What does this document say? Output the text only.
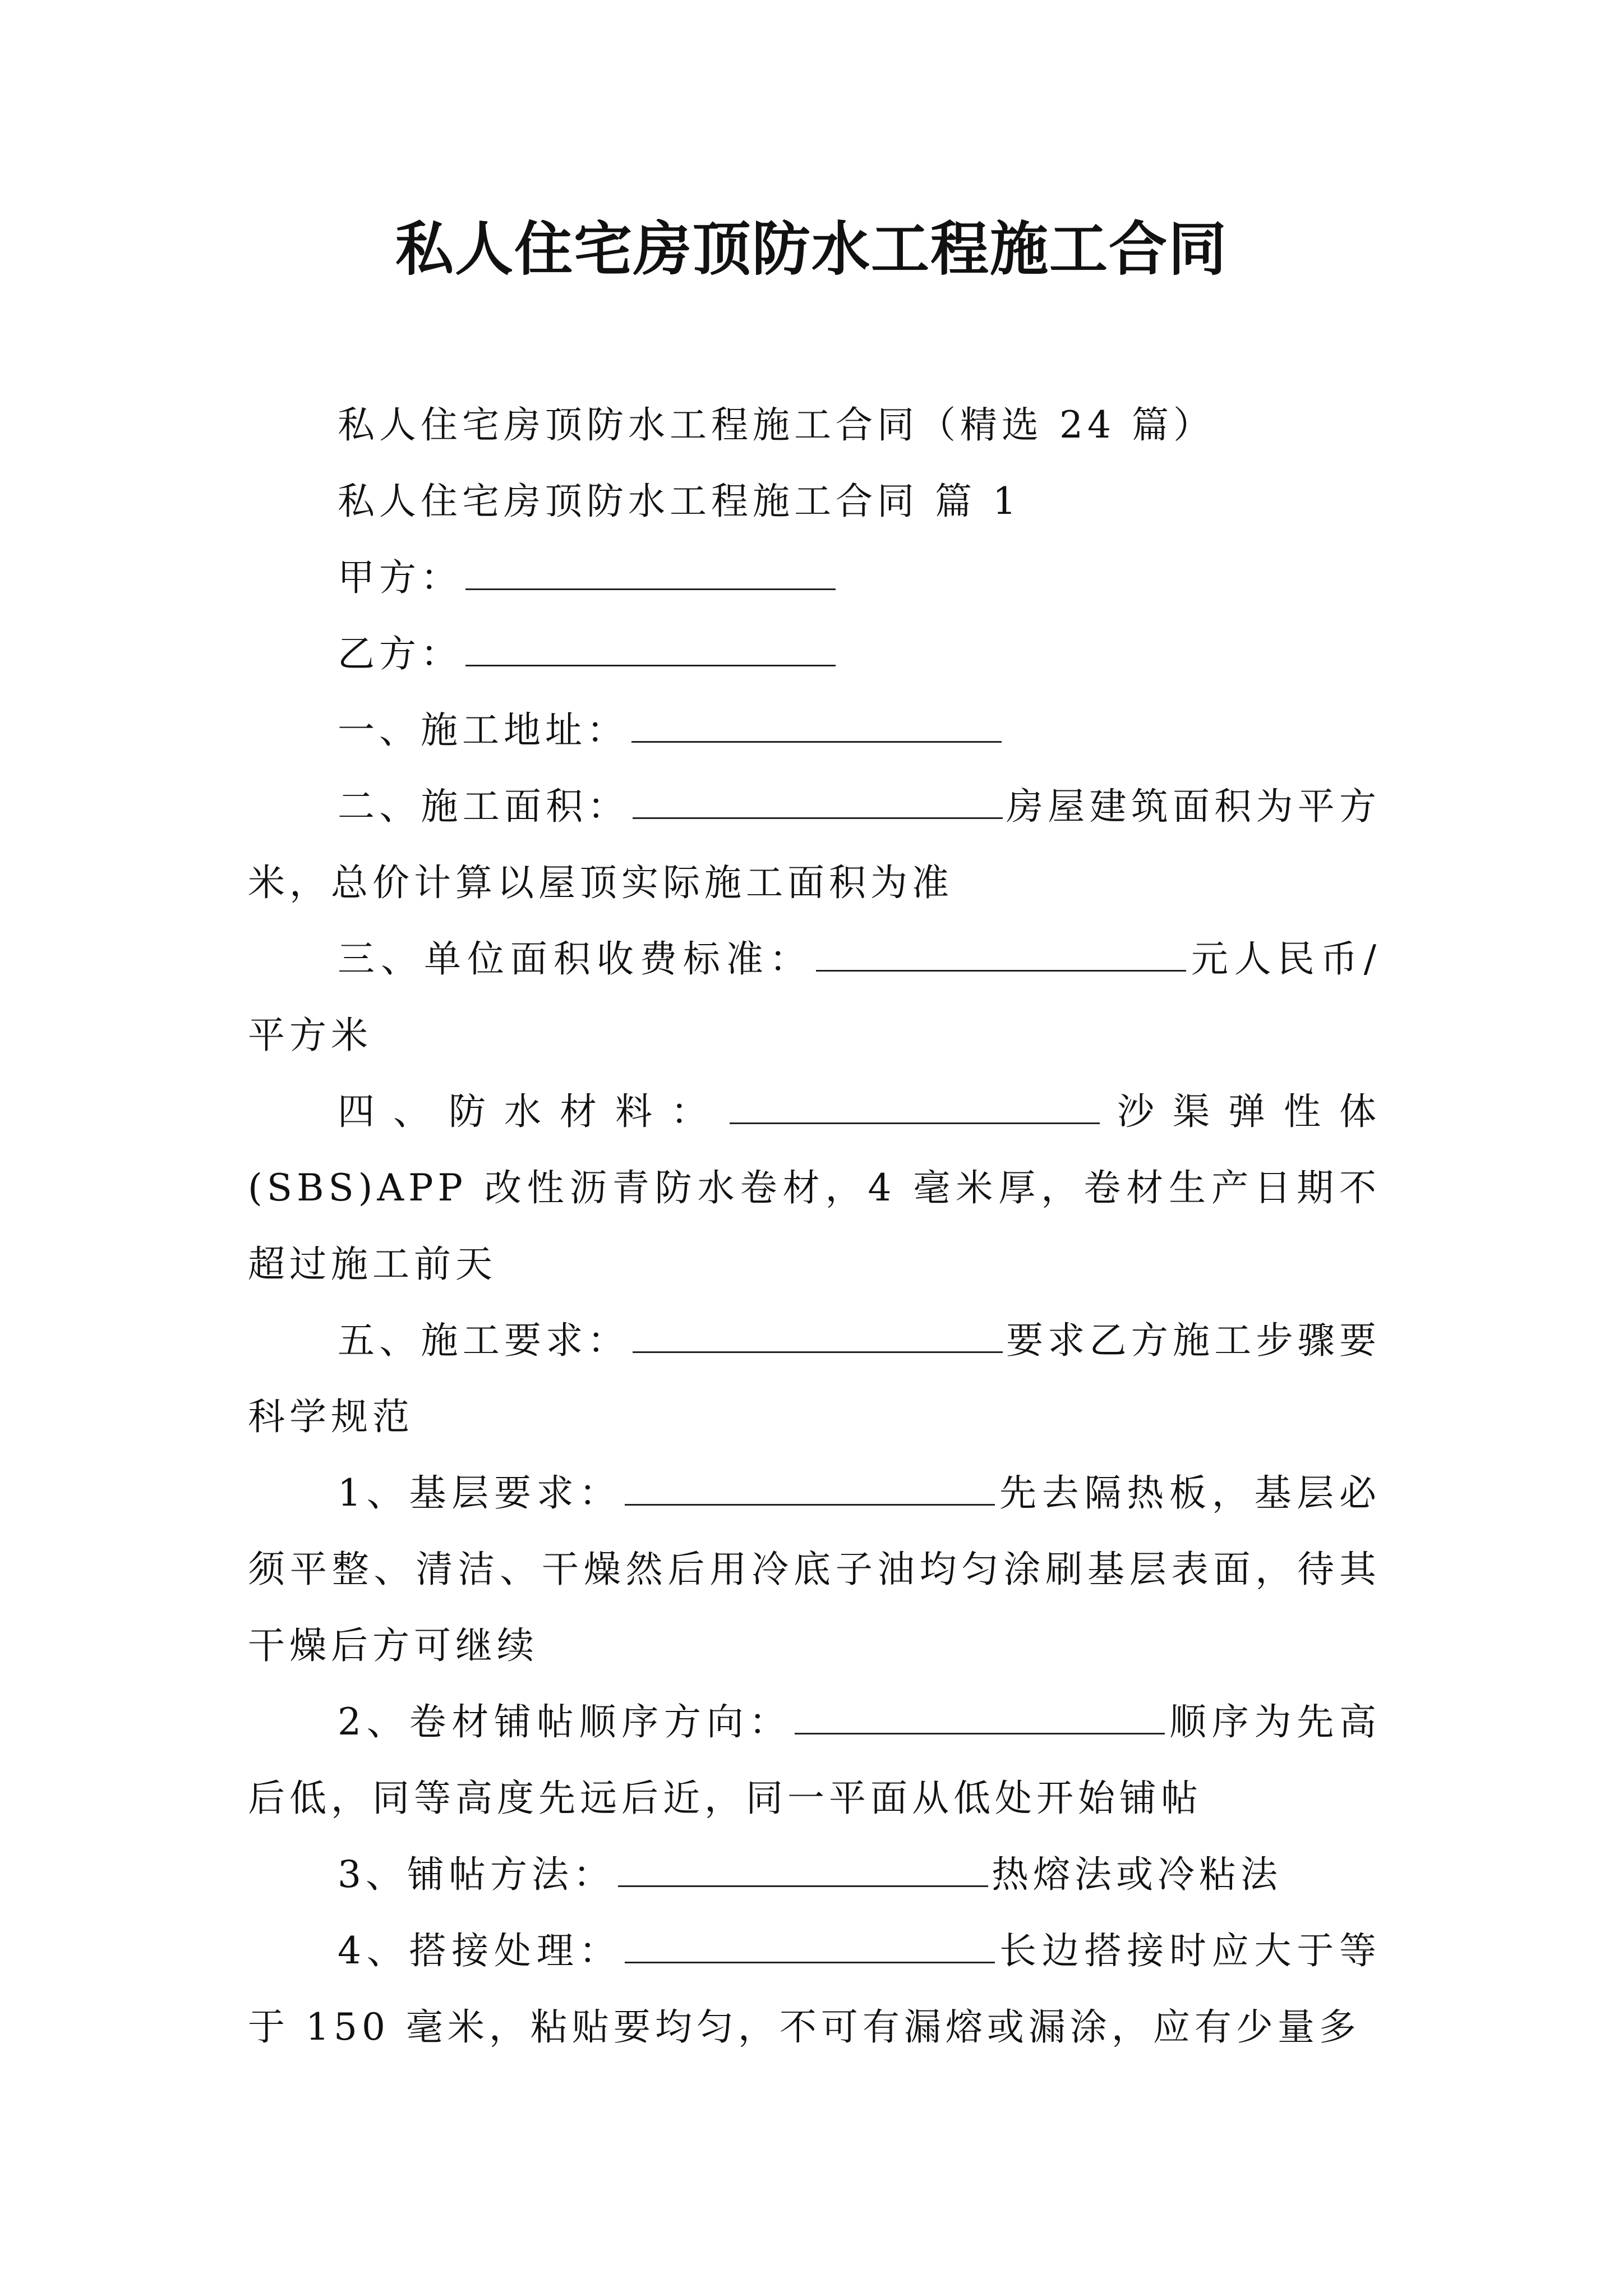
私人住宅房顶防水工程施工合同

私人住宅房顶防水工程施工合同（精选 24 篇）

私人住宅房顶防水工程施工合同 篇 1

甲方：

乙方：

一、施工地址：

二、施工面积：	房屋建筑面积为平方米，总价计算以屋顶实际施工面积为准

三、单位面积收费标准：	元人民币/平方米

四、防水材料：	沙渠弹性体(SBS)APP 改性沥青防水卷材，4 毫米厚，卷材生产日期不超过施工前天

五、施工要求：	要求乙方施工步骤要科学规范

1、基层要求：	先去隔热板，基层必须平整、清洁、干燥然后用冷底子油均匀涂刷基层表面，待其干燥后方可继续

2、卷材铺帖顺序方向：	顺序为先高后低，同等高度先远后近，同一平面从低处开始铺帖

3、铺帖方法：	热熔法或冷粘法

4、搭接处理：	长边搭接时应大于等于 150 毫米，粘贴要均匀，不可有漏熔或漏涂，应有少量多
